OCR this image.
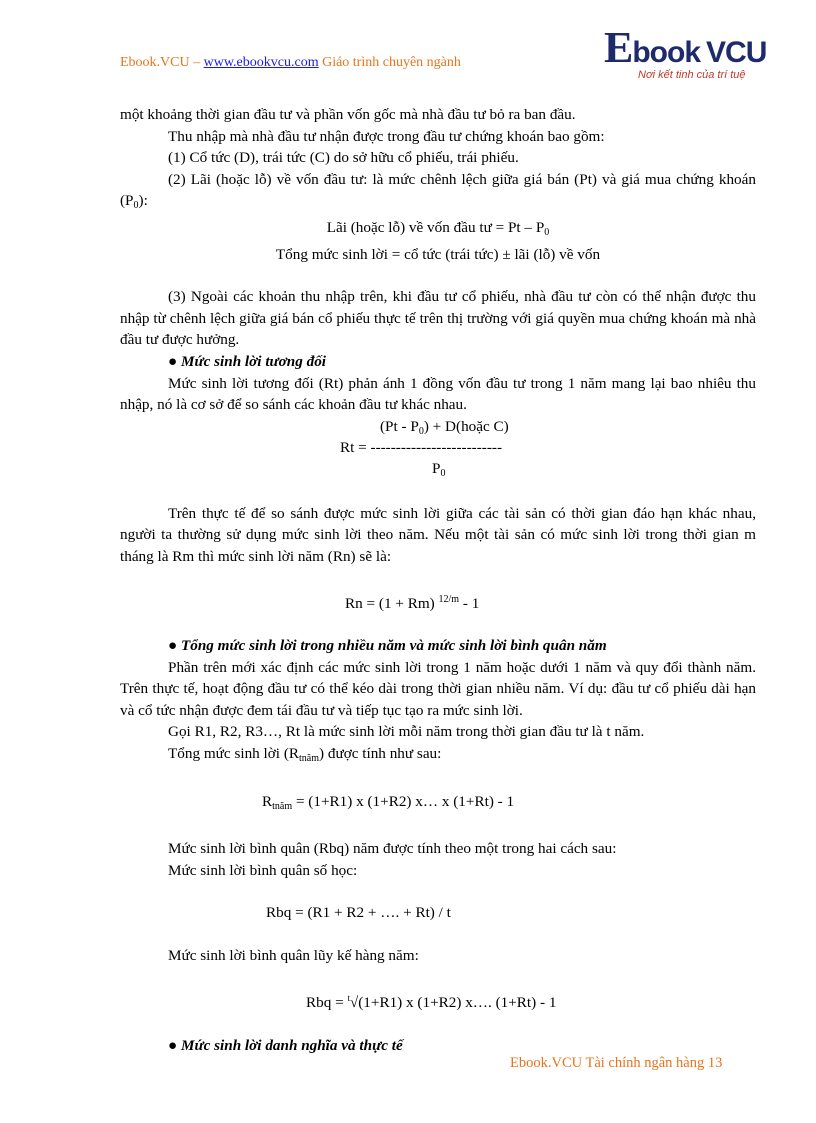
Ebook.VCU – www.ebookvcu.com Giáo trình chuyên ngành	Ebook VCU
Nơi kết tinh của trí tuệ

một khoảng thời gian đầu tư và phần vốn gốc mà nhà đầu tư bỏ ra ban đầu.

Thu nhập mà nhà đầu tư nhận được trong đầu tư chứng khoán bao gồm:

(1) Cổ tức (D), trái tức (C) do sở hữu cổ phiếu, trái phiếu.

(2) Lãi (hoặc lỗ) về vốn đầu tư: là mức chênh lệch giữa giá bán (Pt) và giá mua chứng khoán $(P_0)$:

Lãi (hoặc lỗ) về vốn đầu tư = Pt – $P_0$

Tổng mức sinh lời = cổ tức (trái tức) ± lãi (lỗ) về vốn

(3) Ngoài các khoản thu nhập trên, khi đầu tư cổ phiếu, nhà đầu tư còn có thể nhận được thu nhập từ chênh lệch giữa giá bán cổ phiếu thực tế trên thị trường với giá quyền mua chứng khoán mà nhà đầu tư được hưởng.

● Mức sinh lời tương đối

Mức sinh lời tương đối (Rt) phản ánh 1 đồng vốn đầu tư trong 1 năm mang lại bao nhiêu thu nhập, nó là cơ sở để so sánh các khoản đầu tư khác nhau.

$(Pt - P_0)$ + D(hoặc C)
Rt = --------------------------
$P_0$

Trên thực tế để so sánh được mức sinh lời giữa các tài sản có thời gian đáo hạn khác nhau, người ta thường sử dụng mức sinh lời theo năm. Nếu một tài sản có mức sinh lời trong thời gian m tháng là Rm thì mức sinh lời năm (Rn) sẽ là:

Rn = (1 + Rm) $^{12/m}$ - 1

● Tổng mức sinh lời trong nhiều năm và mức sinh lời bình quân năm

Phần trên mới xác định các mức sinh lời trong 1 năm hoặc dưới 1 năm và quy đổi thành năm. Trên thực tế, hoạt động đầu tư có thể kéo dài trong thời gian nhiều năm. Ví dụ: đầu tư cổ phiếu dài hạn và cổ tức nhận được đem tái đầu tư và tiếp tục tạo ra mức sinh lời.

Gọi R1, R2, R3…, Rt là mức sinh lời mỗi năm trong thời gian đầu tư là t năm.

Tổng mức sinh lời $(R_{tnăm})$ được tính như sau:

$R_{tnăm} = (1+R1)$ x (1+R2) x… x (1+Rt) - 1

Mức sinh lời bình quân (Rbq) năm được tính theo một trong hai cách sau:

Mức sinh lời bình quân số học:

Rbq = (R1 + R2 + …. + Rt) / t

Mức sinh lời bình quân lũy kế hàng năm:

Rbq = $^t$√(1+R1) x (1+R2) x…. (1+Rt) - 1

● Mức sinh lời danh nghĩa và thực tế

Ebook.VCU Tài chính ngân hàng 13
